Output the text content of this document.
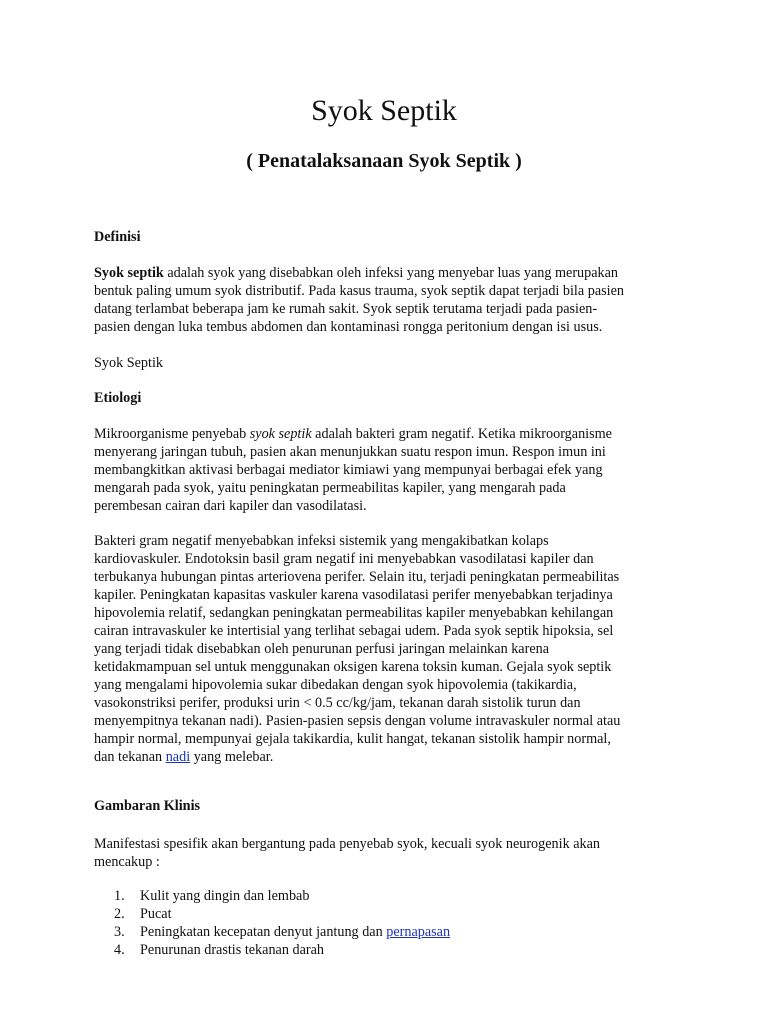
Syok Septik
( Penatalaksanaan Syok Septik )

Definisi

Syok septik adalah syok yang disebabkan oleh infeksi yang menyebar luas yang merupakan
bentuk paling umum syok distributif. Pada kasus trauma, syok septik dapat terjadi bila pasien
datang terlambat beberapa jam ke rumah sakit. Syok septik terutama terjadi pada pasien-
pasien dengan luka tembus abdomen dan kontaminasi rongga peritonium dengan isi usus.

Syok Septik

Etiologi

Mikroorganisme penyebab syok septik adalah bakteri gram negatif. Ketika mikroorganisme
menyerang jaringan tubuh, pasien akan menunjukkan suatu respon imun. Respon imun ini
membangkitkan aktivasi berbagai mediator kimiawi yang mempunyai berbagai efek yang
mengarah pada syok, yaitu peningkatan permeabilitas kapiler, yang mengarah pada
perembesan cairan dari kapiler dan vasodilatasi.

Bakteri gram negatif menyebabkan infeksi sistemik yang mengakibatkan kolaps
kardiovaskuler. Endotoksin basil gram negatif ini menyebabkan vasodilatasi kapiler dan
terbukanya hubungan pintas arteriovena perifer. Selain itu, terjadi peningkatan permeabilitas
kapiler. Peningkatan kapasitas vaskuler karena vasodilatasi perifer menyebabkan terjadinya
hipovolemia relatif, sedangkan peningkatan permeabilitas kapiler menyebabkan kehilangan
cairan intravaskuler ke intertisial yang terlihat sebagai udem. Pada syok septik hipoksia, sel
yang terjadi tidak disebabkan oleh penurunan perfusi jaringan melainkan karena
ketidakmampuan sel untuk menggunakan oksigen karena toksin kuman. Gejala syok septik
yang mengalami hipovolemia sukar dibedakan dengan syok hipovolemia (takikardia,
vasokonstriksi perifer, produksi urin < 0.5 cc/kg/jam, tekanan darah sistolik turun dan
menyempitnya tekanan nadi). Pasien-pasien sepsis dengan volume intravaskuler normal atau
hampir normal, mempunyai gejala takikardia, kulit hangat, tekanan sistolik hampir normal,
dan tekanan nadi yang melebar.

Gambaran Klinis

Manifestasi spesifik akan bergantung pada penyebab syok, kecuali syok neurogenik akan
mencakup :

1. Kulit yang dingin dan lembab
2. Pucat
3. Peningkatan kecepatan denyut jantung dan pernapasan
4. Penurunan drastis tekanan darah
